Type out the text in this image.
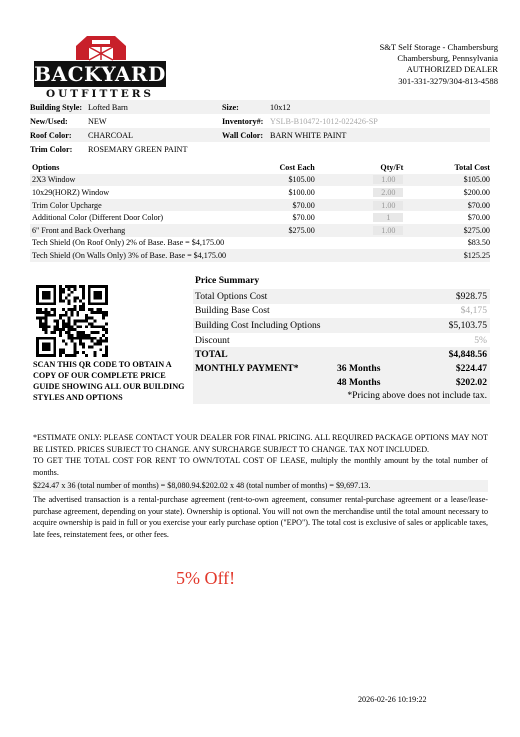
BACKYARD
OUTFITTERS
S&T Self Storage - Chambersburg
Chambersburg, Pennsylvania
AUTHORIZED DEALER
301-331-3279/304-813-4588
Building Style: Lofted Barn	Size:	10x12
New/Used:	NEW	Inventory#: YSLB-B10472-1012-022426-SP
Roof Color:	CHARCOAL	Wall Color: BARN WHITE PAINT
Trim Color:	ROSEMARY GREEN PAINT
Options	Cost Each	Qty/Ft	Total Cost
2X3 Window	$105.00	1.00	$105.00
10x29(HORZ) Window	$100.00	2.00	$200.00
Trim Color Upcharge	$70.00	1.00	$70.00
Additional Color (Different Door Color)	$70.00	1	$70.00
6" Front and Back Overhang	$275.00	1.00	$275.00
Tech Shield (On Roof Only) 2% of Base. Base = $4,175.00	$83.50
Tech Shield (On Walls Only) 3% of Base. Base = $4,175.00	$125.25
SCAN THIS QR CODE TO OBTAIN A COPY OF OUR COMPLETE PRICE GUIDE SHOWING ALL OUR BUILDING STYLES AND OPTIONS
Price Summary
Total Options Cost	$928.75
Building Base Cost	$4,175
Building Cost Including Options	$5,103.75
Discount	5%
TOTAL	$4,848.56
MONTHLY PAYMENT*	36 Months	$224.47
48 Months	$202.02
*Pricing above does not include tax.
*ESTIMATE ONLY: PLEASE CONTACT YOUR DEALER FOR FINAL PRICING. ALL REQUIRED PACKAGE OPTIONS MAY NOT BE LISTED. PRICES SUBJECT TO CHANGE. ANY SURCHARGE SUBJECT TO CHANGE. TAX NOT INCLUDED.
TO GET THE TOTAL COST FOR RENT TO OWN/TOTAL COST OF LEASE, multiply the monthly amount by the total number of months.
$224.47 x 36 (total number of months) = $8,080.94.$202.02 x 48 (total number of months) = $9,697.13.
The advertised transaction is a rental-purchase agreement (rent-to-own agreement, consumer rental-purchase agreement or a lease/lease-purchase agreement, depending on your state). Ownership is optional. You will not own the merchandise until the total amount necessary to acquire ownership is paid in full or you exercise your early purchase option ("EPO"). The total cost is exclusive of sales or applicable taxes, late fees, reinstatement fees, or other fees.
5% Off!
2026-02-26 10:19:22
